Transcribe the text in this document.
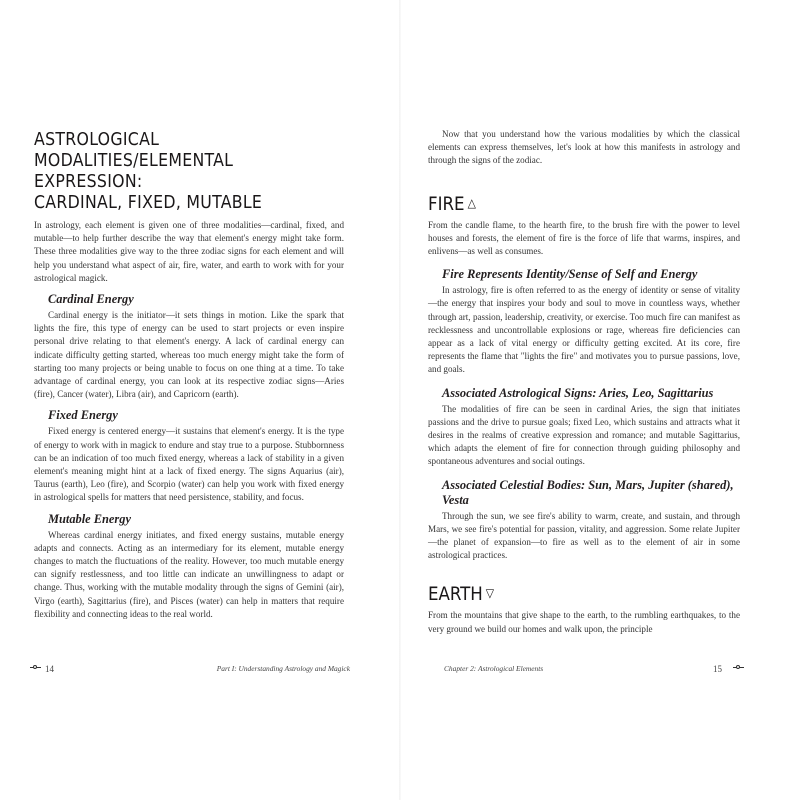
ASTROLOGICAL MODALITIES/ELEMENTAL EXPRESSION:
CARDINAL, FIXED, MUTABLE

In astrology, each element is given one of three modalities—cardinal, fixed, and mutable—to help further describe the way that element's energy might take form. These three modalities give way to the three zodiac signs for each element and will help you understand what aspect of air, fire, water, and earth to work with for your astrological magick.

Cardinal Energy

Cardinal energy is the initiator—it sets things in motion. Like the spark that lights the fire, this type of energy can be used to start projects or even inspire personal drive relating to that element's energy. A lack of cardinal energy can indicate difficulty getting started, whereas too much energy might take the form of starting too many projects or being unable to focus on one thing at a time. To take advantage of cardinal energy, you can look at its respective zodiac signs—Aries (fire), Cancer (water), Libra (air), and Capricorn (earth).

Fixed Energy

Fixed energy is centered energy—it sustains that element's energy. It is the type of energy to work with in magick to endure and stay true to a purpose. Stubbornness can be an indication of too much fixed energy, whereas a lack of stability in a given element's meaning might hint at a lack of fixed energy. The signs Aquarius (air), Taurus (earth), Leo (fire), and Scorpio (water) can help you work with fixed energy in astrological spells for matters that need persistence, stability, and focus.

Mutable Energy

Whereas cardinal energy initiates, and fixed energy sustains, mutable energy adapts and connects. Acting as an intermediary for its element, mutable energy changes to match the fluctuations of the reality. However, too much mutable energy can signify restlessness, and too little can indicate an unwillingness to adapt or change. Thus, working with the mutable modality through the signs of Gemini (air), Virgo (earth), Sagittarius (fire), and Pisces (water) can help in matters that require flexibility and connecting ideas to the real world.

14	Part I: Understanding Astrology and Magick

Now that you understand how the various modalities by which the classical elements can express themselves, let's look at how this manifests in astrology and through the signs of the zodiac.

FIRE △

From the candle flame, to the hearth fire, to the brush fire with the power to level houses and forests, the element of fire is the force of life that warms, inspires, and enlivens—as well as consumes.

Fire Represents Identity/Sense of Self and Energy

In astrology, fire is often referred to as the energy of identity or sense of vitality—the energy that inspires your body and soul to move in countless ways, whether through art, passion, leadership, creativity, or exercise. Too much fire can manifest as recklessness and uncontrollable explosions or rage, whereas fire deficiencies can appear as a lack of vital energy or difficulty getting excited. At its core, fire represents the flame that "lights the fire" and motivates you to pursue passions, love, and goals.

Associated Astrological Signs: Aries, Leo, Sagittarius

The modalities of fire can be seen in cardinal Aries, the sign that initiates passions and the drive to pursue goals; fixed Leo, which sustains and attracts what it desires in the realms of creative expression and romance; and mutable Sagittarius, which adapts the element of fire for connection through guiding philosophy and spontaneous adventures and social outings.

Associated Celestial Bodies: Sun, Mars, Jupiter (shared), Vesta

Through the sun, we see fire's ability to warm, create, and sustain, and through Mars, we see fire's potential for passion, vitality, and aggression. Some relate Jupiter—the planet of expansion—to fire as well as to the element of air in some astrological practices.

EARTH ▽

From the mountains that give shape to the earth, to the rumbling earthquakes, to the very ground we build our homes and walk upon, the principle

Chapter 2: Astrological Elements	15
